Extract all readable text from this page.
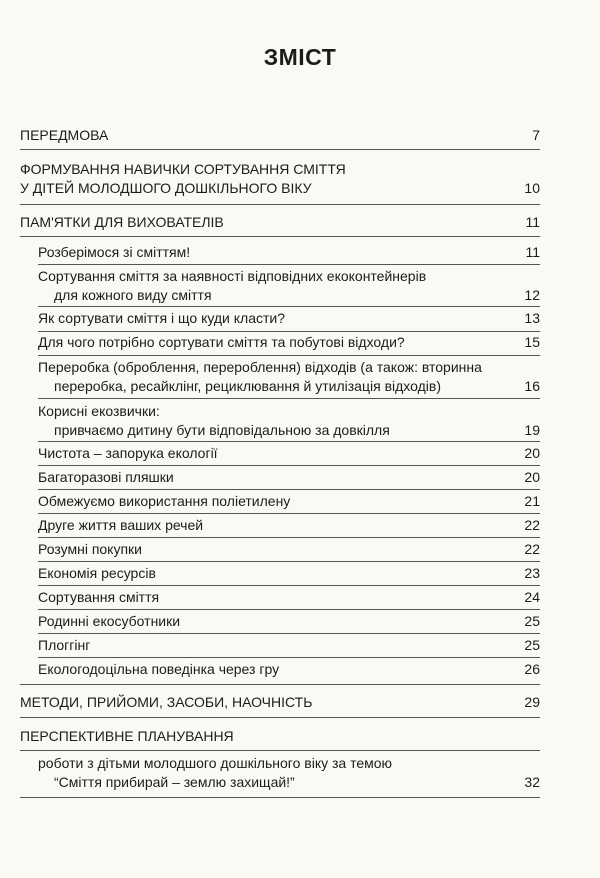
ЗМІСТ
ПЕРЕДМОВА	7
ФОРМУВАННЯ НАВИЧКИ СОРТУВАННЯ СМІТТЯ
У ДІТЕЙ МОЛОДШОГО ДОШКІЛЬНОГО ВІКУ	10
ПАМ'ЯТКИ ДЛЯ ВИХОВАТЕЛІВ	11
Розберімося зі сміттям!	11
Сортування сміття за наявності відповідних екоконтейнерів
для кожного виду сміття	12
Як сортувати сміття і що куди класти?	13
Для чого потрібно сортувати сміття та побутові відходи?	15
Переробка (оброблення, перероблення) відходів (а також: вторинна
переробка, ресайклінг, рециклювання й утилізація відходів)	16
Корисні екозвички:
привчаємо дитину бути відповідальною за довкілля	19
Чистота – запорука екології	20
Багаторазові пляшки	20
Обмежуємо використання поліетилену	21
Друге життя ваших речей	22
Розумні покупки	22
Економія ресурсів	23
Сортування сміття	24
Родинні екосуботники	25
Плоггінг	25
Екологодоцільна поведінка через гру	26
МЕТОДИ, ПРИЙОМИ, ЗАСОБИ, НАОЧНІСТЬ	29
ПЕРСПЕКТИВНЕ ПЛАНУВАННЯ
роботи з дітьми молодшого дошкільного віку за темою
“Сміття прибирай – землю захищай!”	32
